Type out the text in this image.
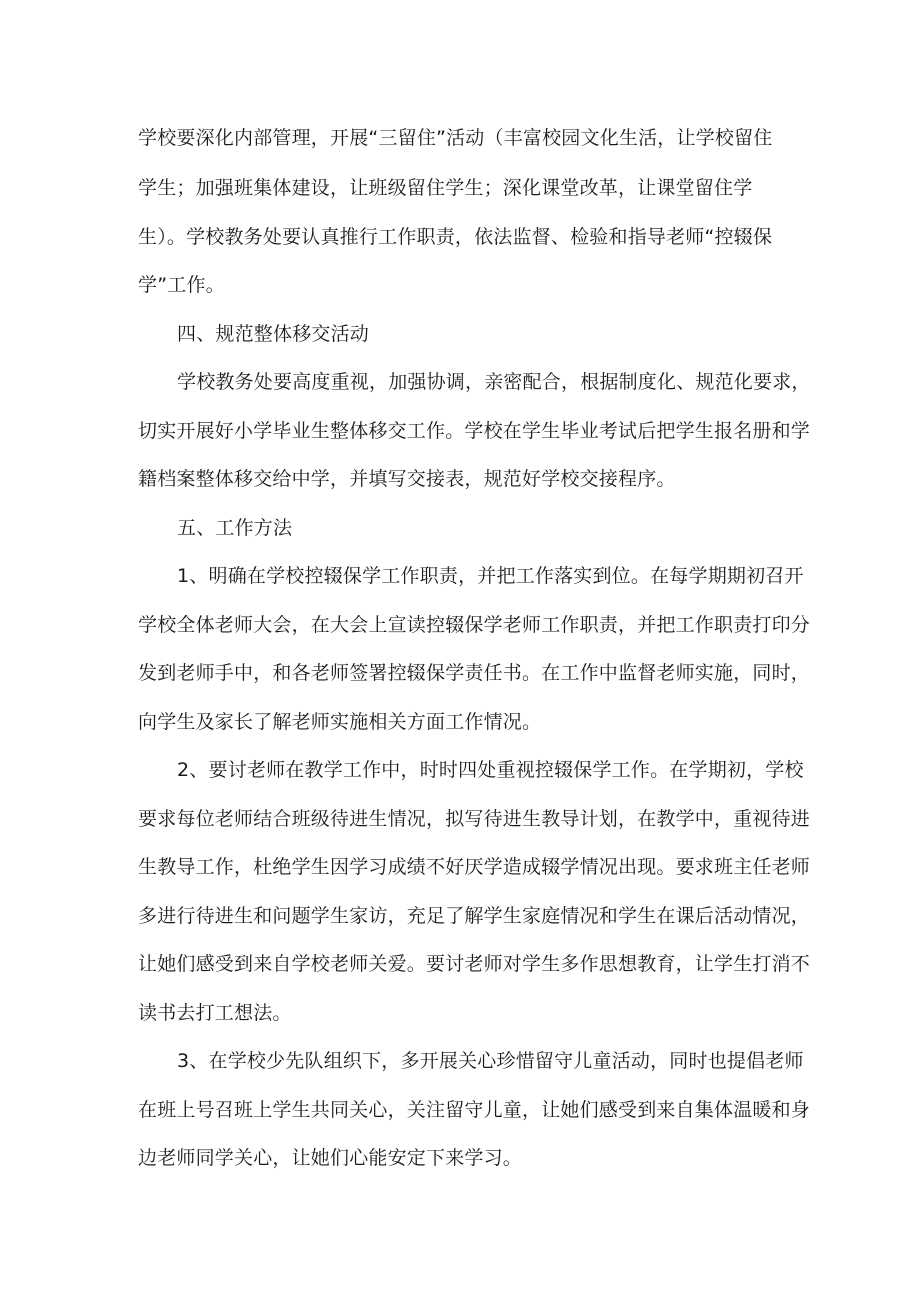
学校要深化内部管理，开展“三留住”活动（丰富校园文化生活，让学校留住
学生；加强班集体建设，让班级留住学生；深化课堂改革，让课堂留住学
生）。学校教务处要认真推行工作职责，依法监督、检验和指导老师“控辍保
学”工作。
四、规范整体移交活动
学校教务处要高度重视，加强协调，亲密配合，根据制度化、规范化要求，
切实开展好小学毕业生整体移交工作。学校在学生毕业考试后把学生报名册和学
籍档案整体移交给中学，并填写交接表，规范好学校交接程序。
五、工作方法
1、明确在学校控辍保学工作职责，并把工作落实到位。在每学期期初召开
学校全体老师大会，在大会上宣读控辍保学老师工作职责，并把工作职责打印分
发到老师手中，和各老师签署控辍保学责任书。在工作中监督老师实施，同时，
向学生及家长了解老师实施相关方面工作情况。
2、要讨老师在教学工作中，时时四处重视控辍保学工作。在学期初，学校
要求每位老师结合班级待进生情况，拟写待进生教导计划，在教学中，重视待进
生教导工作，杜绝学生因学习成绩不好厌学造成辍学情况出现。要求班主任老师
多进行待进生和问题学生家访，充足了解学生家庭情况和学生在课后活动情况，
让她们感受到来自学校老师关爱。要讨老师对学生多作思想教育，让学生打消不
读书去打工想法。
3、在学校少先队组织下，多开展关心珍惜留守儿童活动，同时也提倡老师
在班上号召班上学生共同关心，关注留守儿童，让她们感受到来自集体温暖和身
边老师同学关心，让她们心能安定下来学习。
